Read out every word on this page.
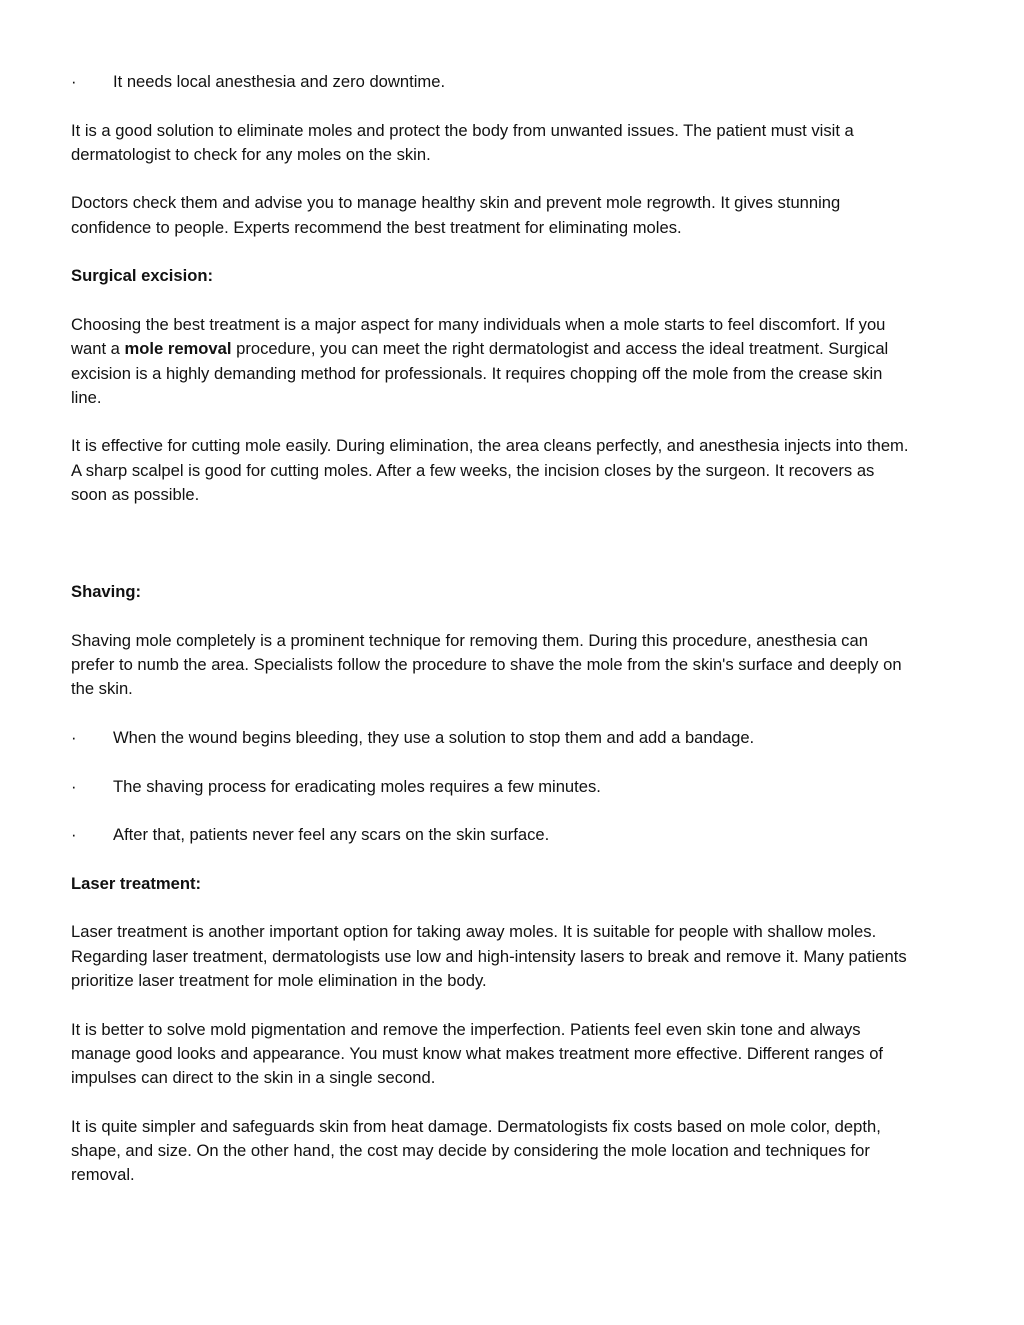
·	It needs local anesthesia and zero downtime.

It is a good solution to eliminate moles and protect the body from unwanted issues. The patient must visit a dermatologist to check for any moles on the skin.

Doctors check them and advise you to manage healthy skin and prevent mole regrowth. It gives stunning confidence to people. Experts recommend the best treatment for eliminating moles.

Surgical excision:

Choosing the best treatment is a major aspect for many individuals when a mole starts to feel discomfort. If you want a mole removal procedure, you can meet the right dermatologist and access the ideal treatment. Surgical excision is a highly demanding method for professionals. It requires chopping off the mole from the crease skin line.

It is effective for cutting mole easily. During elimination, the area cleans perfectly, and anesthesia injects into them. A sharp scalpel is good for cutting moles. After a few weeks, the incision closes by the surgeon. It recovers as soon as possible.

Shaving:

Shaving mole completely is a prominent technique for removing them. During this procedure, anesthesia can prefer to numb the area. Specialists follow the procedure to shave the mole from the skin's surface and deeply on the skin.

·	When the wound begins bleeding, they use a solution to stop them and add a bandage.
·	The shaving process for eradicating moles requires a few minutes.
·	After that, patients never feel any scars on the skin surface.

Laser treatment:

Laser treatment is another important option for taking away moles. It is suitable for people with shallow moles. Regarding laser treatment, dermatologists use low and high-intensity lasers to break and remove it. Many patients prioritize laser treatment for mole elimination in the body.

It is better to solve mold pigmentation and remove the imperfection. Patients feel even skin tone and always manage good looks and appearance. You must know what makes treatment more effective. Different ranges of impulses can direct to the skin in a single second.

It is quite simpler and safeguards skin from heat damage. Dermatologists fix costs based on mole color, depth, shape, and size. On the other hand, the cost may decide by considering the mole location and techniques for removal.
